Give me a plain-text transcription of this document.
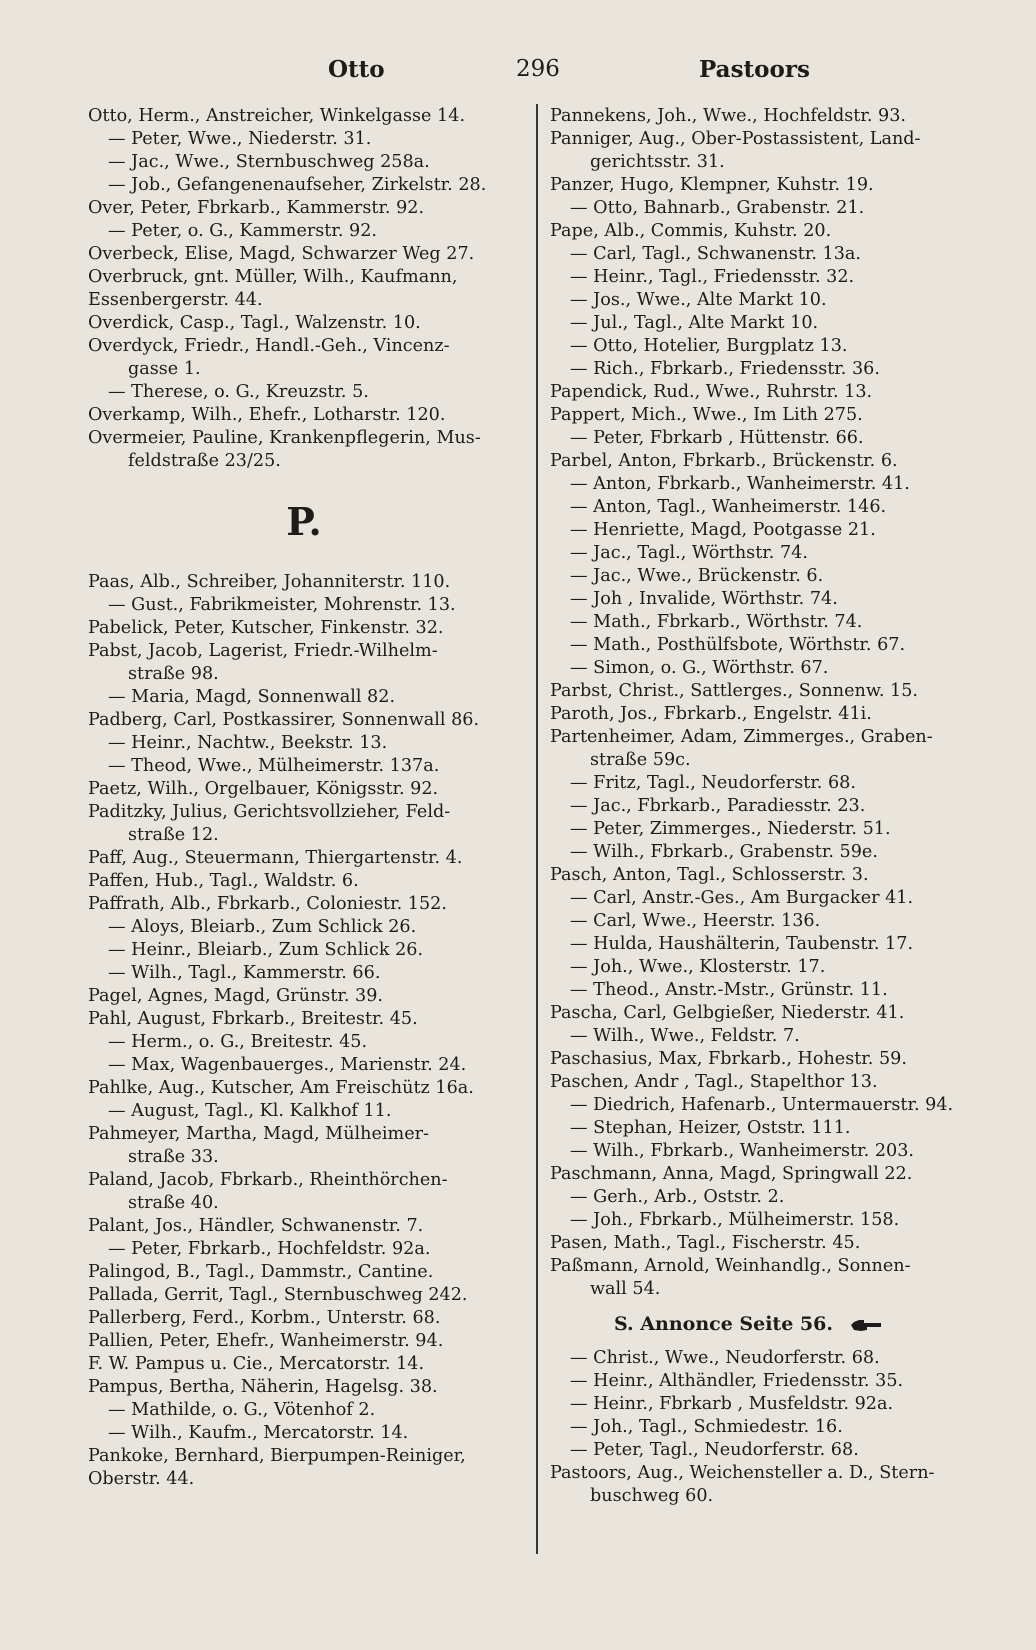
Otto	296	Pastoors
Otto, Herm., Anstreicher, Winkelgasse 14.
— Peter, Wwe., Niederstr. 31.
— Jac., Wwe., Sternbuschweg 258a.
— Job., Gefangenenaufseher, Zirkelstr. 28.
Over, Peter, Fbrkarb., Kammerstr. 92.
— Peter, o. G., Kammerstr. 92.
Overbeck, Elise, Magd, Schwarzer Weg 27.
Overbruck, gnt. Müller, Wilh., Kaufmann,
Essenbergerstr. 44.
Overdick, Casp., Tagl., Walzenstr. 10.
Overdyck, Friedr., Handl.-Geh., Vincenz-
gasse 1.
— Therese, o. G., Kreuzstr. 5.
Overkamp, Wilh., Ehefr., Lotharstr. 120.
Overmeier, Pauline, Krankenpflegerin, Mus-
feldstraße 23/25.
P.
Paas, Alb., Schreiber, Johanniterstr. 110.
— Gust., Fabrikmeister, Mohrenstr. 13.
Pabelick, Peter, Kutscher, Finkenstr. 32.
Pabst, Jacob, Lagerist, Friedr.-Wilhelm-
straße 98.
— Maria, Magd, Sonnenwall 82.
Padberg, Carl, Postkassirer, Sonnenwall 86.
— Heinr., Nachtw., Beekstr. 13.
— Theod, Wwe., Mülheimerstr. 137a.
Paetz, Wilh., Orgelbauer, Königsstr. 92.
Paditzky, Julius, Gerichtsvollzieher, Feld-
straße 12.
Paff, Aug., Steuermann, Thiergartenstr. 4.
Paffen, Hub., Tagl., Waldstr. 6.
Paffrath, Alb., Fbrkarb., Coloniestr. 152.
— Aloys, Bleiarb., Zum Schlick 26.
— Heinr., Bleiarb., Zum Schlick 26.
— Wilh., Tagl., Kammerstr. 66.
Pagel, Agnes, Magd, Grünstr. 39.
Pahl, August, Fbrkarb., Breitestr. 45.
— Herm., o. G., Breitestr. 45.
— Max, Wagenbauerges., Marienstr. 24.
Pahlke, Aug., Kutscher, Am Freischütz 16a.
— August, Tagl., Kl. Kalkhof 11.
Pahmeyer, Martha, Magd, Mülheimer-
straße 33.
Paland, Jacob, Fbrkarb., Rheinthörchen-
straße 40.
Palant, Jos., Händler, Schwanenstr. 7.
— Peter, Fbrkarb., Hochfeldstr. 92a.
Palingod, B., Tagl., Dammstr., Cantine.
Pallada, Gerrit, Tagl., Sternbuschweg 242.
Pallerberg, Ferd., Korbm., Unterstr. 68.
Pallien, Peter, Ehefr., Wanheimerstr. 94.
F. W. Pampus u. Cie., Mercatorstr. 14.
Pampus, Bertha, Näherin, Hagelsg. 38.
— Mathilde, o. G., Vötenhof 2.
— Wilh., Kaufm., Mercatorstr. 14.
Pankoke, Bernhard, Bierpumpen-Reiniger,
Oberstr. 44.
Pannekens, Joh., Wwe., Hochfeldstr. 93.
Panniger, Aug., Ober-Postassistent, Land-
gerichtsstr. 31.
Panzer, Hugo, Klempner, Kuhstr. 19.
— Otto, Bahnarb., Grabenstr. 21.
Pape, Alb., Commis, Kuhstr. 20.
— Carl, Tagl., Schwanenstr. 13a.
— Heinr., Tagl., Friedensstr. 32.
— Jos., Wwe., Alte Markt 10.
— Jul., Tagl., Alte Markt 10.
— Otto, Hotelier, Burgplatz 13.
— Rich., Fbrkarb., Friedensstr. 36.
Papendick, Rud., Wwe., Ruhrstr. 13.
Pappert, Mich., Wwe., Im Lith 275.
— Peter, Fbrkarb , Hüttenstr. 66.
Parbel, Anton, Fbrkarb., Brückenstr. 6.
— Anton, Fbrkarb., Wanheimerstr. 41.
— Anton, Tagl., Wanheimerstr. 146.
— Henriette, Magd, Pootgasse 21.
— Jac., Tagl., Wörthstr. 74.
— Jac., Wwe., Brückenstr. 6.
— Joh , Invalide, Wörthstr. 74.
— Math., Fbrkarb., Wörthstr. 74.
— Math., Posthülfsbote, Wörthstr. 67.
— Simon, o. G., Wörthstr. 67.
Parbst, Christ., Sattlerges., Sonnenw. 15.
Paroth, Jos., Fbrkarb., Engelstr. 41i.
Partenheimer, Adam, Zimmerges., Graben-
straße 59c.
— Fritz, Tagl., Neudorferstr. 68.
— Jac., Fbrkarb., Paradiesstr. 23.
— Peter, Zimmerges., Niederstr. 51.
— Wilh., Fbrkarb., Grabenstr. 59e.
Pasch, Anton, Tagl., Schlosserstr. 3.
— Carl, Anstr.-Ges., Am Burgacker 41.
— Carl, Wwe., Heerstr. 136.
— Hulda, Haushälterin, Taubenstr. 17.
— Joh., Wwe., Klosterstr. 17.
— Theod., Anstr.-Mstr., Grünstr. 11.
Pascha, Carl, Gelbgießer, Niederstr. 41.
— Wilh., Wwe., Feldstr. 7.
Paschasius, Max, Fbrkarb., Hohestr. 59.
Paschen, Andr , Tagl., Stapelthor 13.
— Diedrich, Hafenarb., Untermauerstr. 94.
— Stephan, Heizer, Oststr. 111.
— Wilh., Fbrkarb., Wanheimerstr. 203.
Paschmann, Anna, Magd, Springwall 22.
— Gerh., Arb., Oststr. 2.
— Joh., Fbrkarb., Mülheimerstr. 158.
Pasen, Math., Tagl., Fischerstr. 45.
Paßmann, Arnold, Weinhandlg., Sonnen-
wall 54.
S. Annonce Seite 56.
— Christ., Wwe., Neudorferstr. 68.
— Heinr., Althändler, Friedensstr. 35.
— Heinr., Fbrkarb , Musfeldstr. 92a.
— Joh., Tagl., Schmiedestr. 16.
— Peter, Tagl., Neudorferstr. 68.
Pastoors, Aug., Weichensteller a. D., Stern-
buschweg 60.
